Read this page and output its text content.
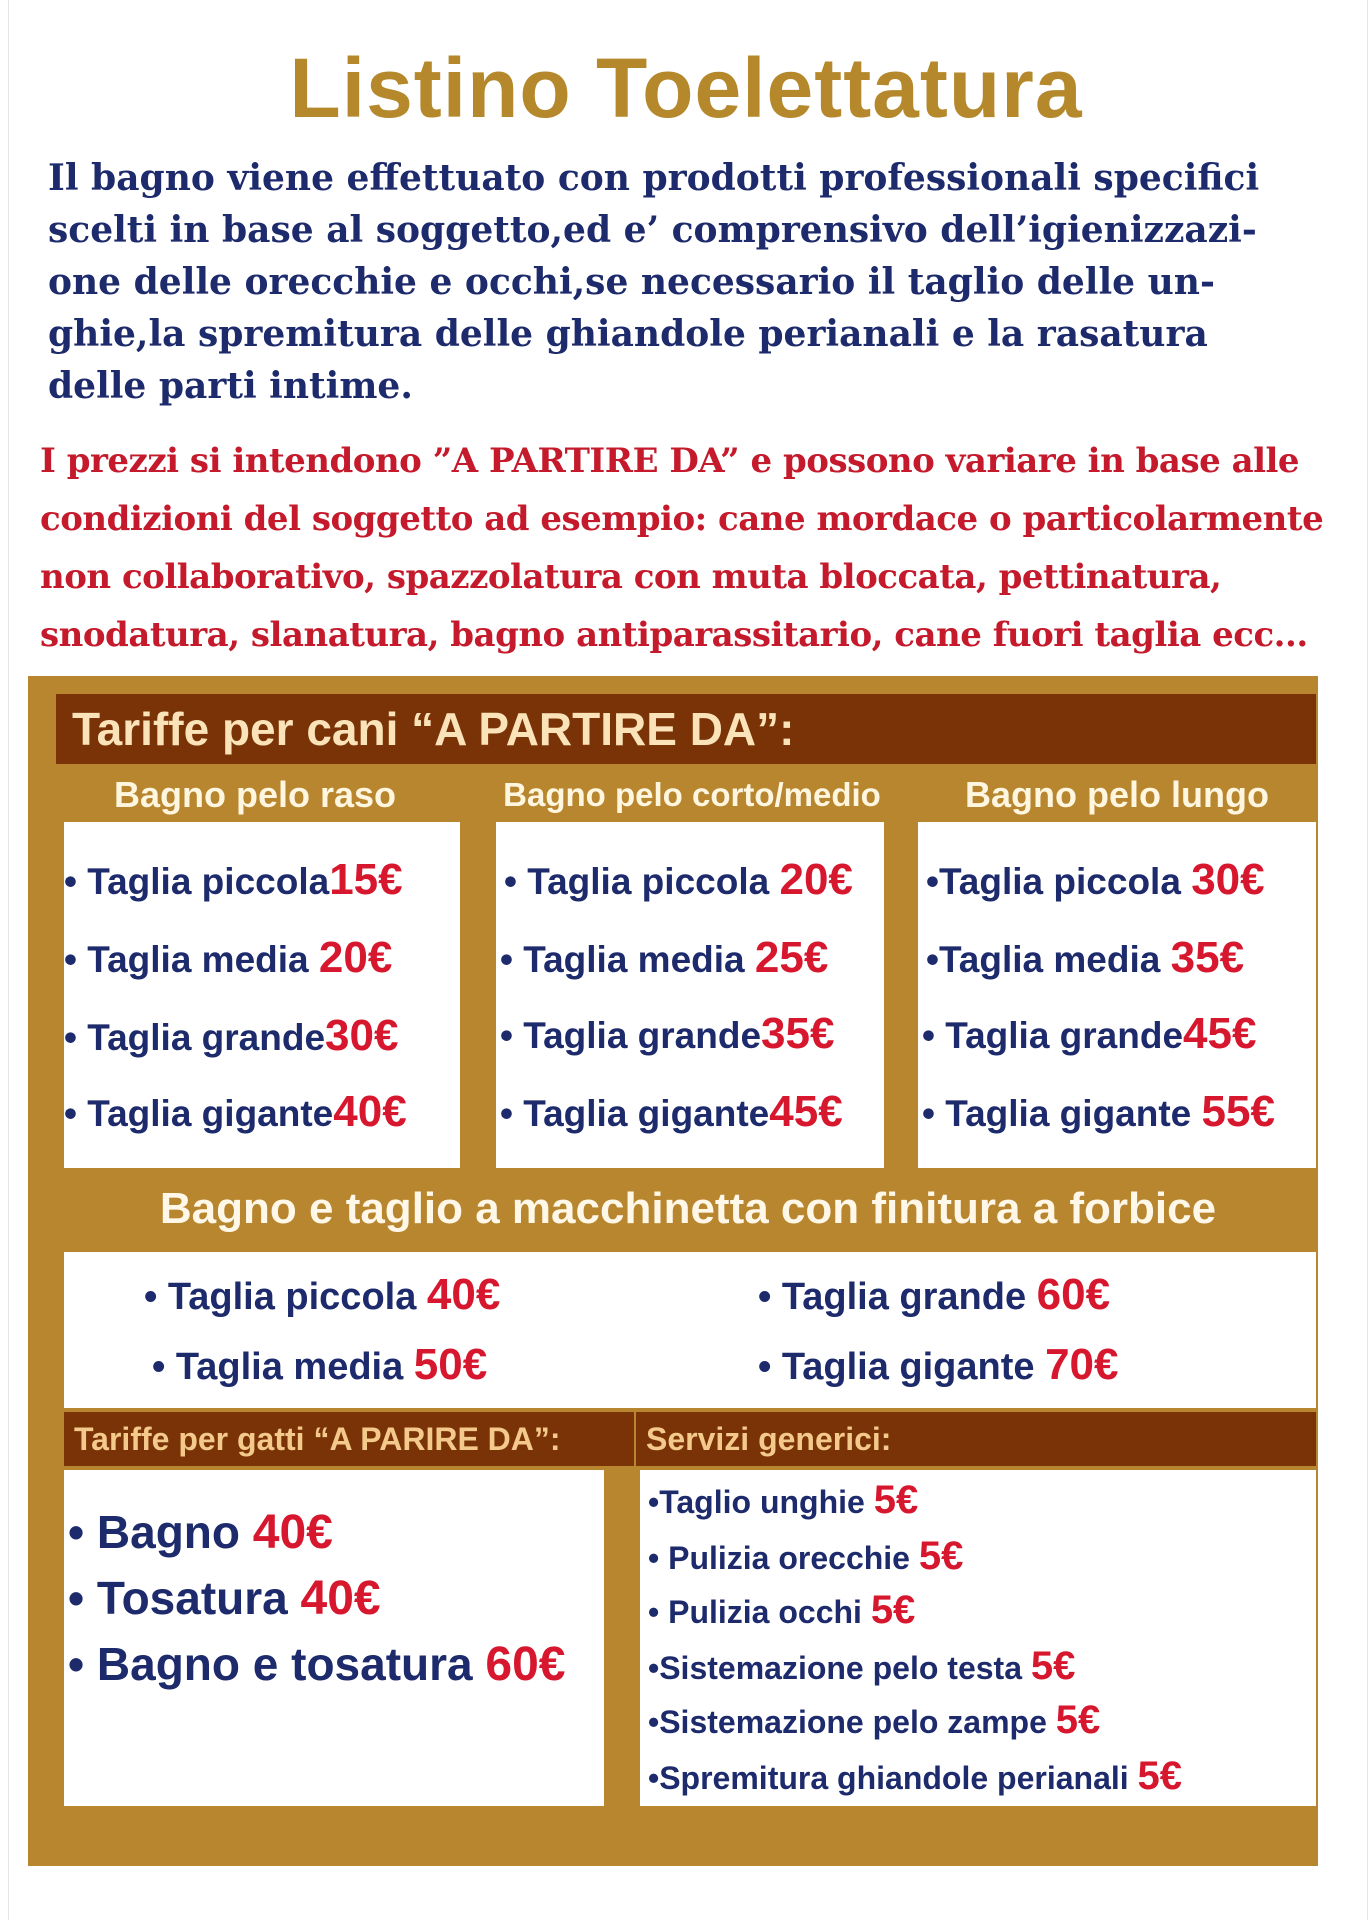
Listino Toelettatura
Il bagno viene effettuato con prodotti professionali specifici
scelti in base al soggetto,ed e’ comprensivo dell’igienizzazi-
one delle orecchie e occhi,se necessario il taglio delle un-
ghie,la spremitura delle ghiandole perianali e la rasatura
delle parti intime.
I prezzi si intendono ”A PARTIRE DA” e possono variare in base alle
condizioni del soggetto ad esempio: cane mordace o particolarmente
non collaborativo, spazzolatura con muta bloccata, pettinatura,
snodatura, slanatura, bagno antiparassitario, cane fuori taglia ecc...
Tariffe per cani “A PARTIRE DA”:
Bagno pelo raso	Bagno pelo corto/medio	Bagno pelo lungo
• Taglia piccola15€
• Taglia media 20€
• Taglia grande30€
• Taglia gigante40€
• Taglia piccola 20€
• Taglia media 25€
• Taglia grande35€
• Taglia gigante45€
•Taglia piccola 30€
•Taglia media 35€
• Taglia grande45€
• Taglia gigante 55€
Bagno e taglio a macchinetta con finitura a forbice
• Taglia piccola 40€
• Taglia media 50€
• Taglia grande 60€
• Taglia gigante 70€
Tariffe per gatti “A PARIRE DA”:	Servizi generici:
• Bagno 40€
• Tosatura 40€
• Bagno e tosatura 60€
•Taglio unghie 5€
• Pulizia orecchie 5€
• Pulizia occhi 5€
•Sistemazione pelo testa 5€
•Sistemazione pelo zampe 5€
•Spremitura ghiandole perianali 5€
